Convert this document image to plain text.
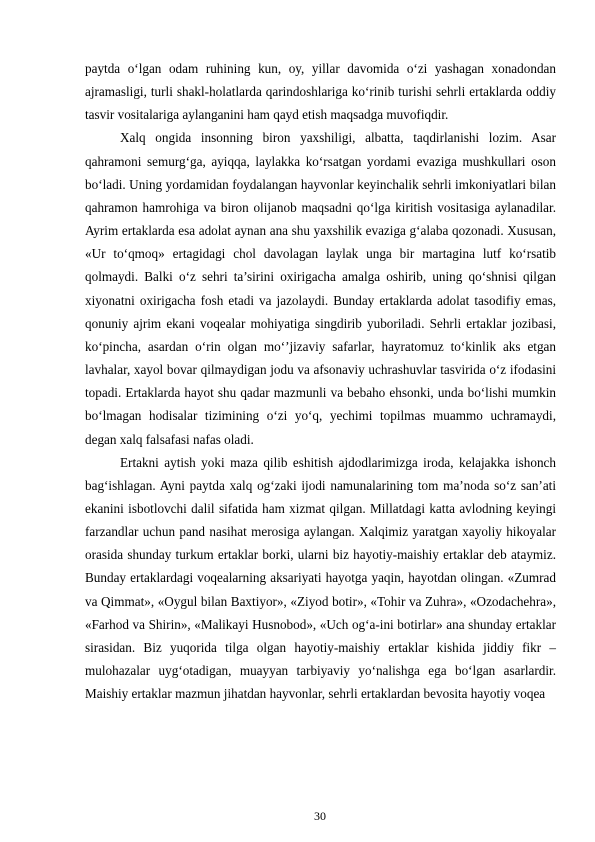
paytda o‘lgan odam ruhining kun, oy, yillar davomida o‘zi yashagan xonadondan ajramasligi, turli shakl-holatlarda qarindoshlariga ko‘rinib turishi sehrli ertaklarda oddiy tasvir vositalariga aylanganini ham qayd etish maqsadga muvofiqdir.

Xalq ongida insonning biron yaxshiligi, albatta, taqdirlanishi lozim. Asar qahramoni semurg‘ga, ayiqqa, laylakka ko‘rsatgan yordami evaziga mushkullari oson bo‘ladi. Uning yordamidan foydalangan hayvonlar keyinchalik sehrli imkoniyatlari bilan qahramon hamrohiga va biron olijanob maqsadni qo‘lga kiritish vositasiga aylanadilar. Ayrim ertaklarda esa adolat aynan ana shu yaxshilik evaziga g‘alaba qozonadi. Xususan, «Ur to‘qmoq» ertagidagi chol davolagan laylak unga bir martagina lutf ko‘rsatib qolmaydi. Balki o‘z sehri ta’sirini oxirigacha amalga oshirib, uning qo‘shnisi qilgan xiyonatni oxirigacha fosh etadi va jazolaydi. Bunday ertaklarda adolat tasodifiy emas, qonuniy ajrim ekani voqealar mohiyatiga singdirib yuboriladi. Sehrli ertaklar jozibasi, ko‘pincha, asardan o‘rin olgan mo‘’jizaviy safarlar, hayratomuz to‘kinlik aks etgan lavhalar, xayol bovar qilmaydigan jodu va afsonaviy uchrashuvlar tasvirida o‘z ifodasini topadi. Ertaklarda hayot shu qadar mazmunli va bebaho ehsonki, unda bo‘lishi mumkin bo‘lmagan hodisalar tizimining o‘zi yo‘q, yechimi topilmas muammo uchramaydi, degan xalq falsafasi nafas oladi.

Ertakni aytish yoki maza qilib eshitish ajdodlarimizga iroda, kelajakka ishonch bag‘ishlagan. Ayni paytda xalq og‘zaki ijodi namunalarining tom ma’noda so‘z san’ati ekanini isbotlovchi dalil sifatida ham xizmat qilgan. Millatdagi katta avlodning keyingi farzandlar uchun pand nasihat merosiga aylangan. Xalqimiz yaratgan xayoliy hikoyalar orasida shunday turkum ertaklar borki, ularni biz hayotiy-maishiy ertaklar deb ataymiz. Bunday ertaklardagi voqealarning aksariyati hayotga yaqin, hayotdan olingan. «Zumrad va Qimmat», «Oygul bilan Baxtiyor», «Ziyod botir», «Tohir va Zuhra», «Ozodachehra», «Farhod va Shirin», «Malikayi Husnobod», «Uch og‘a-ini botirlar» ana shunday ertaklar sirasidan. Biz yuqorida tilga olgan hayotiy-maishiy ertaklar kishida jiddiy fikr – mulohazalar uyg‘otadigan, muayyan tarbiyaviy yo‘nalishga ega bo‘lgan asarlardir. Maishiy ertaklar mazmun jihatdan hayvonlar, sehrli ertaklardan bevosita hayotiy voqea

30
